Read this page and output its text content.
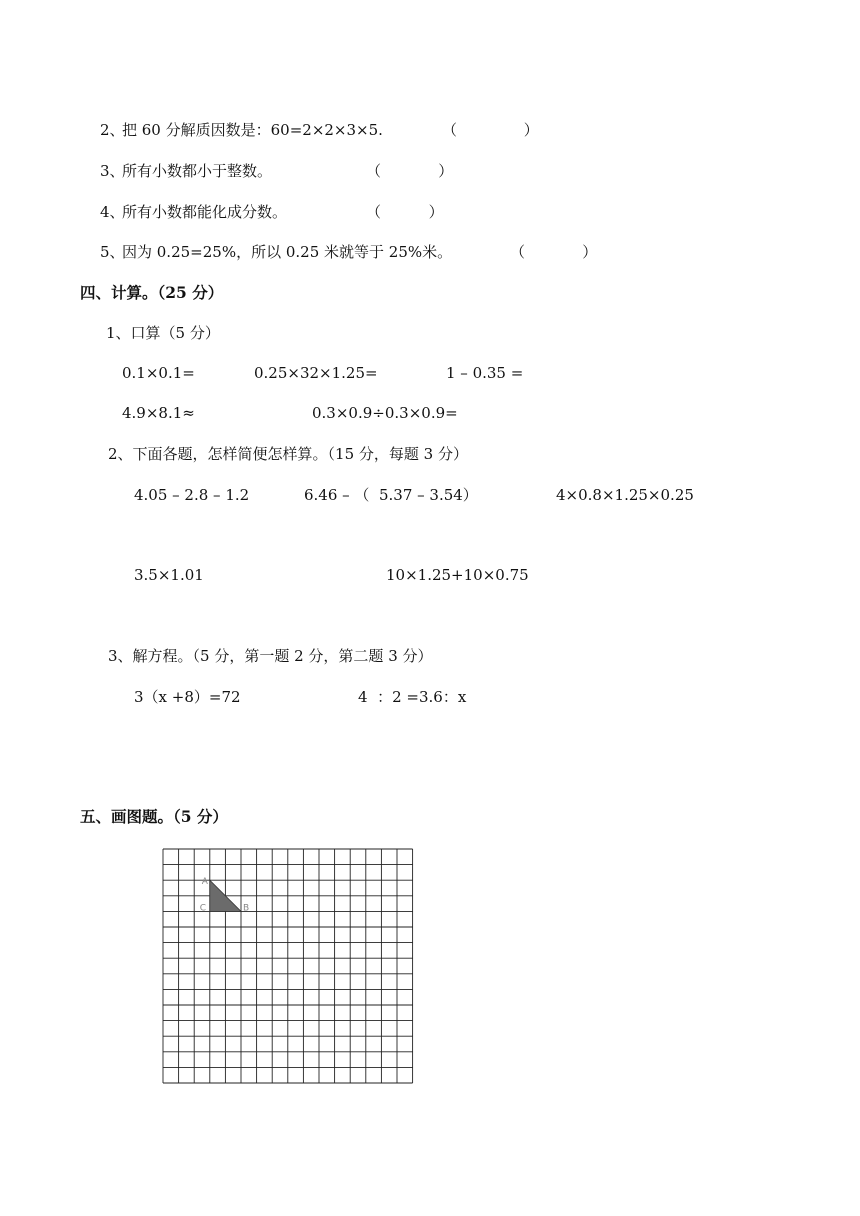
2、
把 60 分解质因数是：60=2×2×3×5.	（              ）
3、
所有小数都小于整数。	（            ）
4、
所有小数都能化成分数。	（          ）
5、
因为 0.25=25%，所以 0.25 米就等于 25%米。	（            ）
四、计算。（25 分）
1、口算（5 分）
0.1×0.1=	0.25×32×1.25=	1 – 0.35 =
4.9×8.1≈	0.3×0.9÷0.3×0.9=
2、下面各题，怎样简便怎样算。（15 分，每题 3 分）
4.05 – 2.8 – 1.2	6.46 – （  5.37 – 3.54）	4×0.8×1.25×0.25
3.5×1.01	10×1.25+10×0.75
3、解方程。（5 分，第一题 2 分，第二题 3 分）
3（x +8）=72	4  ：2 =3.6：x
五、画图题。（5 分）
A
B
C
